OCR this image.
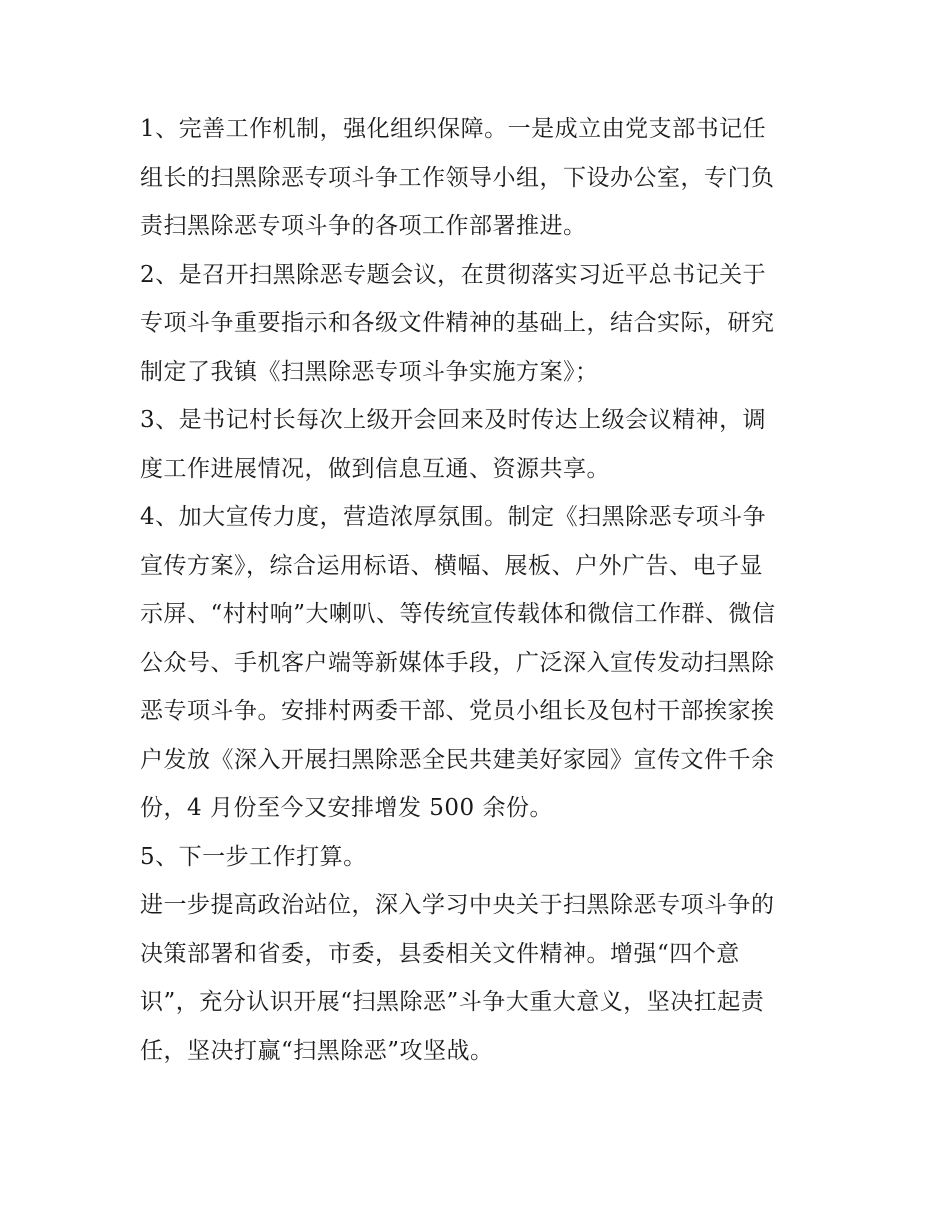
1、完善工作机制，强化组织保障。一是成立由党支部书记任
组长的扫黑除恶专项斗争工作领导小组，下设办公室，专门负
责扫黑除恶专项斗争的各项工作部署推进。
2、是召开扫黑除恶专题会议，在贯彻落实习近平总书记关于
专项斗争重要指示和各级文件精神的基础上，结合实际，研究
制定了我镇《扫黑除恶专项斗争实施方案》；
3、是书记村长每次上级开会回来及时传达上级会议精神，调
度工作进展情况，做到信息互通、资源共享。
4、加大宣传力度，营造浓厚氛围。制定《扫黑除恶专项斗争
宣传方案》，综合运用标语、横幅、展板、户外广告、电子显
示屏、“村村响”大喇叭、等传统宣传载体和微信工作群、微信
公众号、手机客户端等新媒体手段，广泛深入宣传发动扫黑除
恶专项斗争。安排村两委干部、党员小组长及包村干部挨家挨
户发放《深入开展扫黑除恶全民共建美好家园》宣传文件千余
份，4 月份至今又安排增发 500 余份。
5、下一步工作打算。
进一步提高政治站位，深入学习中央关于扫黑除恶专项斗争的
决策部署和省委，市委，县委相关文件精神。增强“四个意
识”，充分认识开展“扫黑除恶”斗争大重大意义，坚决扛起责
任，坚决打赢“扫黑除恶”攻坚战。
